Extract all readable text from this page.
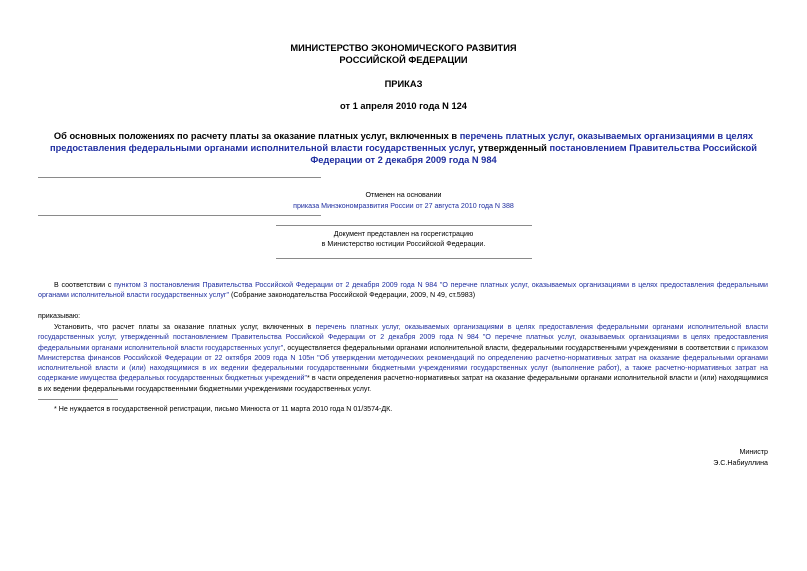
МИНИСТЕРСТВО ЭКОНОМИЧЕСКОГО РАЗВИТИЯ
РОССИЙСКОЙ ФЕДЕРАЦИИ
ПРИКАЗ
от 1 апреля 2010 года N 124
Об основных положениях по расчету платы за оказание платных услуг, включенных в перечень платных услуг, оказываемых организациями в целях предоставления федеральными органами исполнительной власти государственных услуг, утвержденный постановлением Правительства Российской Федерации от 2 декабря 2009 года N 984
Отменен на основании
приказа Минэкономразвития России от 27 августа 2010 года N 388
Документ представлен на госрегистрацию
в Министерство юстиции Российской Федерации.
В соответствии с пунктом 3 постановления Правительства Российской Федерации от 2 декабря 2009 года N 984 "О перечне платных услуг, оказываемых организациями в целях предоставления федеральными органами исполнительной власти государственных услуг" (Собрание законодательства Российской Федерации, 2009, N 49, ст.5983)
приказываю:
Установить, что расчет платы за оказание платных услуг, включенных в перечень платных услуг, оказываемых организациями в целях предоставления федеральными органами исполнительной власти государственных услуг, утвержденный постановлением Правительства Российской Федерации от 2 декабря 2009 года N 984 "О перечне платных услуг, оказываемых организациями в целях предоставления федеральными органами исполнительной власти государственных услуг", осуществляется федеральными органами исполнительной власти, федеральными государственными учреждениями в соответствии с приказом Министерства финансов Российской Федерации от 22 октября 2009 года N 105н "Об утверждении методических рекомендаций по определению расчетно-нормативных затрат на оказание федеральными органами исполнительной власти и (или) находящимися в их ведении федеральными государственными бюджетными учреждениями государственных услуг (выполнение работ), а также расчетно-нормативных затрат на содержание имущества федеральных государственных бюджетных учреждений"* в части определения расчетно-нормативных затрат на оказание федеральными органами исполнительной власти и (или) находящимися в их ведении федеральными государственными бюджетными учреждениями государственных услуг.
* Не нуждается в государственной регистрации, письмо Минюста от 11 марта 2010 года N 01/3574-ДК.
Министр
Э.С.Набиуллина
